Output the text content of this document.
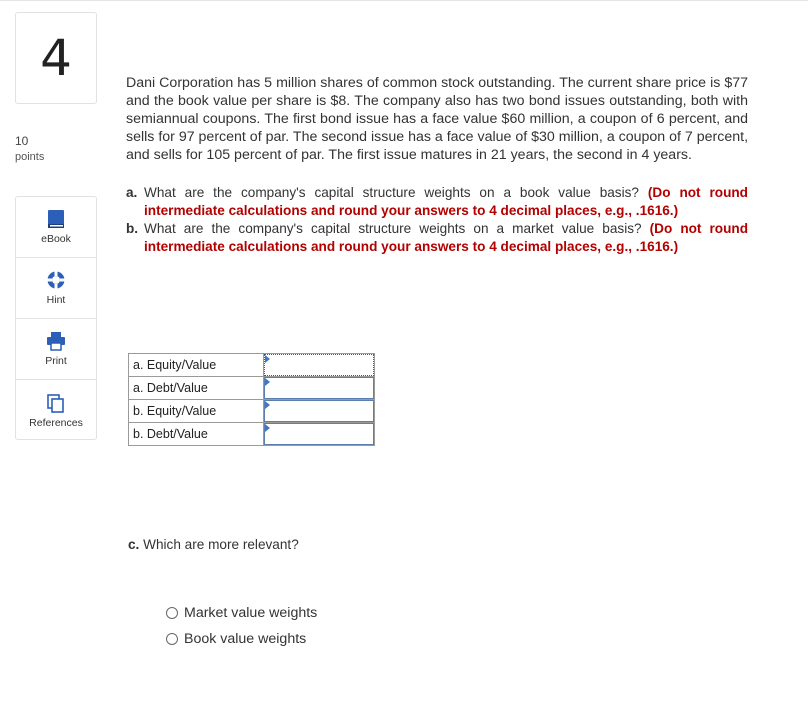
4
10
points
eBook
Hint
Print
References

Dani Corporation has 5 million shares of common stock outstanding. The current share price is $77 and the book value per share is $8. The company also has two bond issues outstanding, both with semiannual coupons. The first bond issue has a face value $60 million, a coupon of 6 percent, and sells for 97 percent of par. The second issue has a face value of $30 million, a coupon of 7 percent, and sells for 105 percent of par. The first issue matures in 21 years, the second in 4 years.

a. What are the company's capital structure weights on a book value basis? (Do not round intermediate calculations and round your answers to 4 decimal places, e.g., .1616.)
b. What are the company's capital structure weights on a market value basis? (Do not round intermediate calculations and round your answers to 4 decimal places, e.g., .1616.)
a. Equity/Value	

a. Debt/Value	

b. Equity/Value	

b. Debt/Value	
c. Which are more relevant?
Market value weights
Book value weights
